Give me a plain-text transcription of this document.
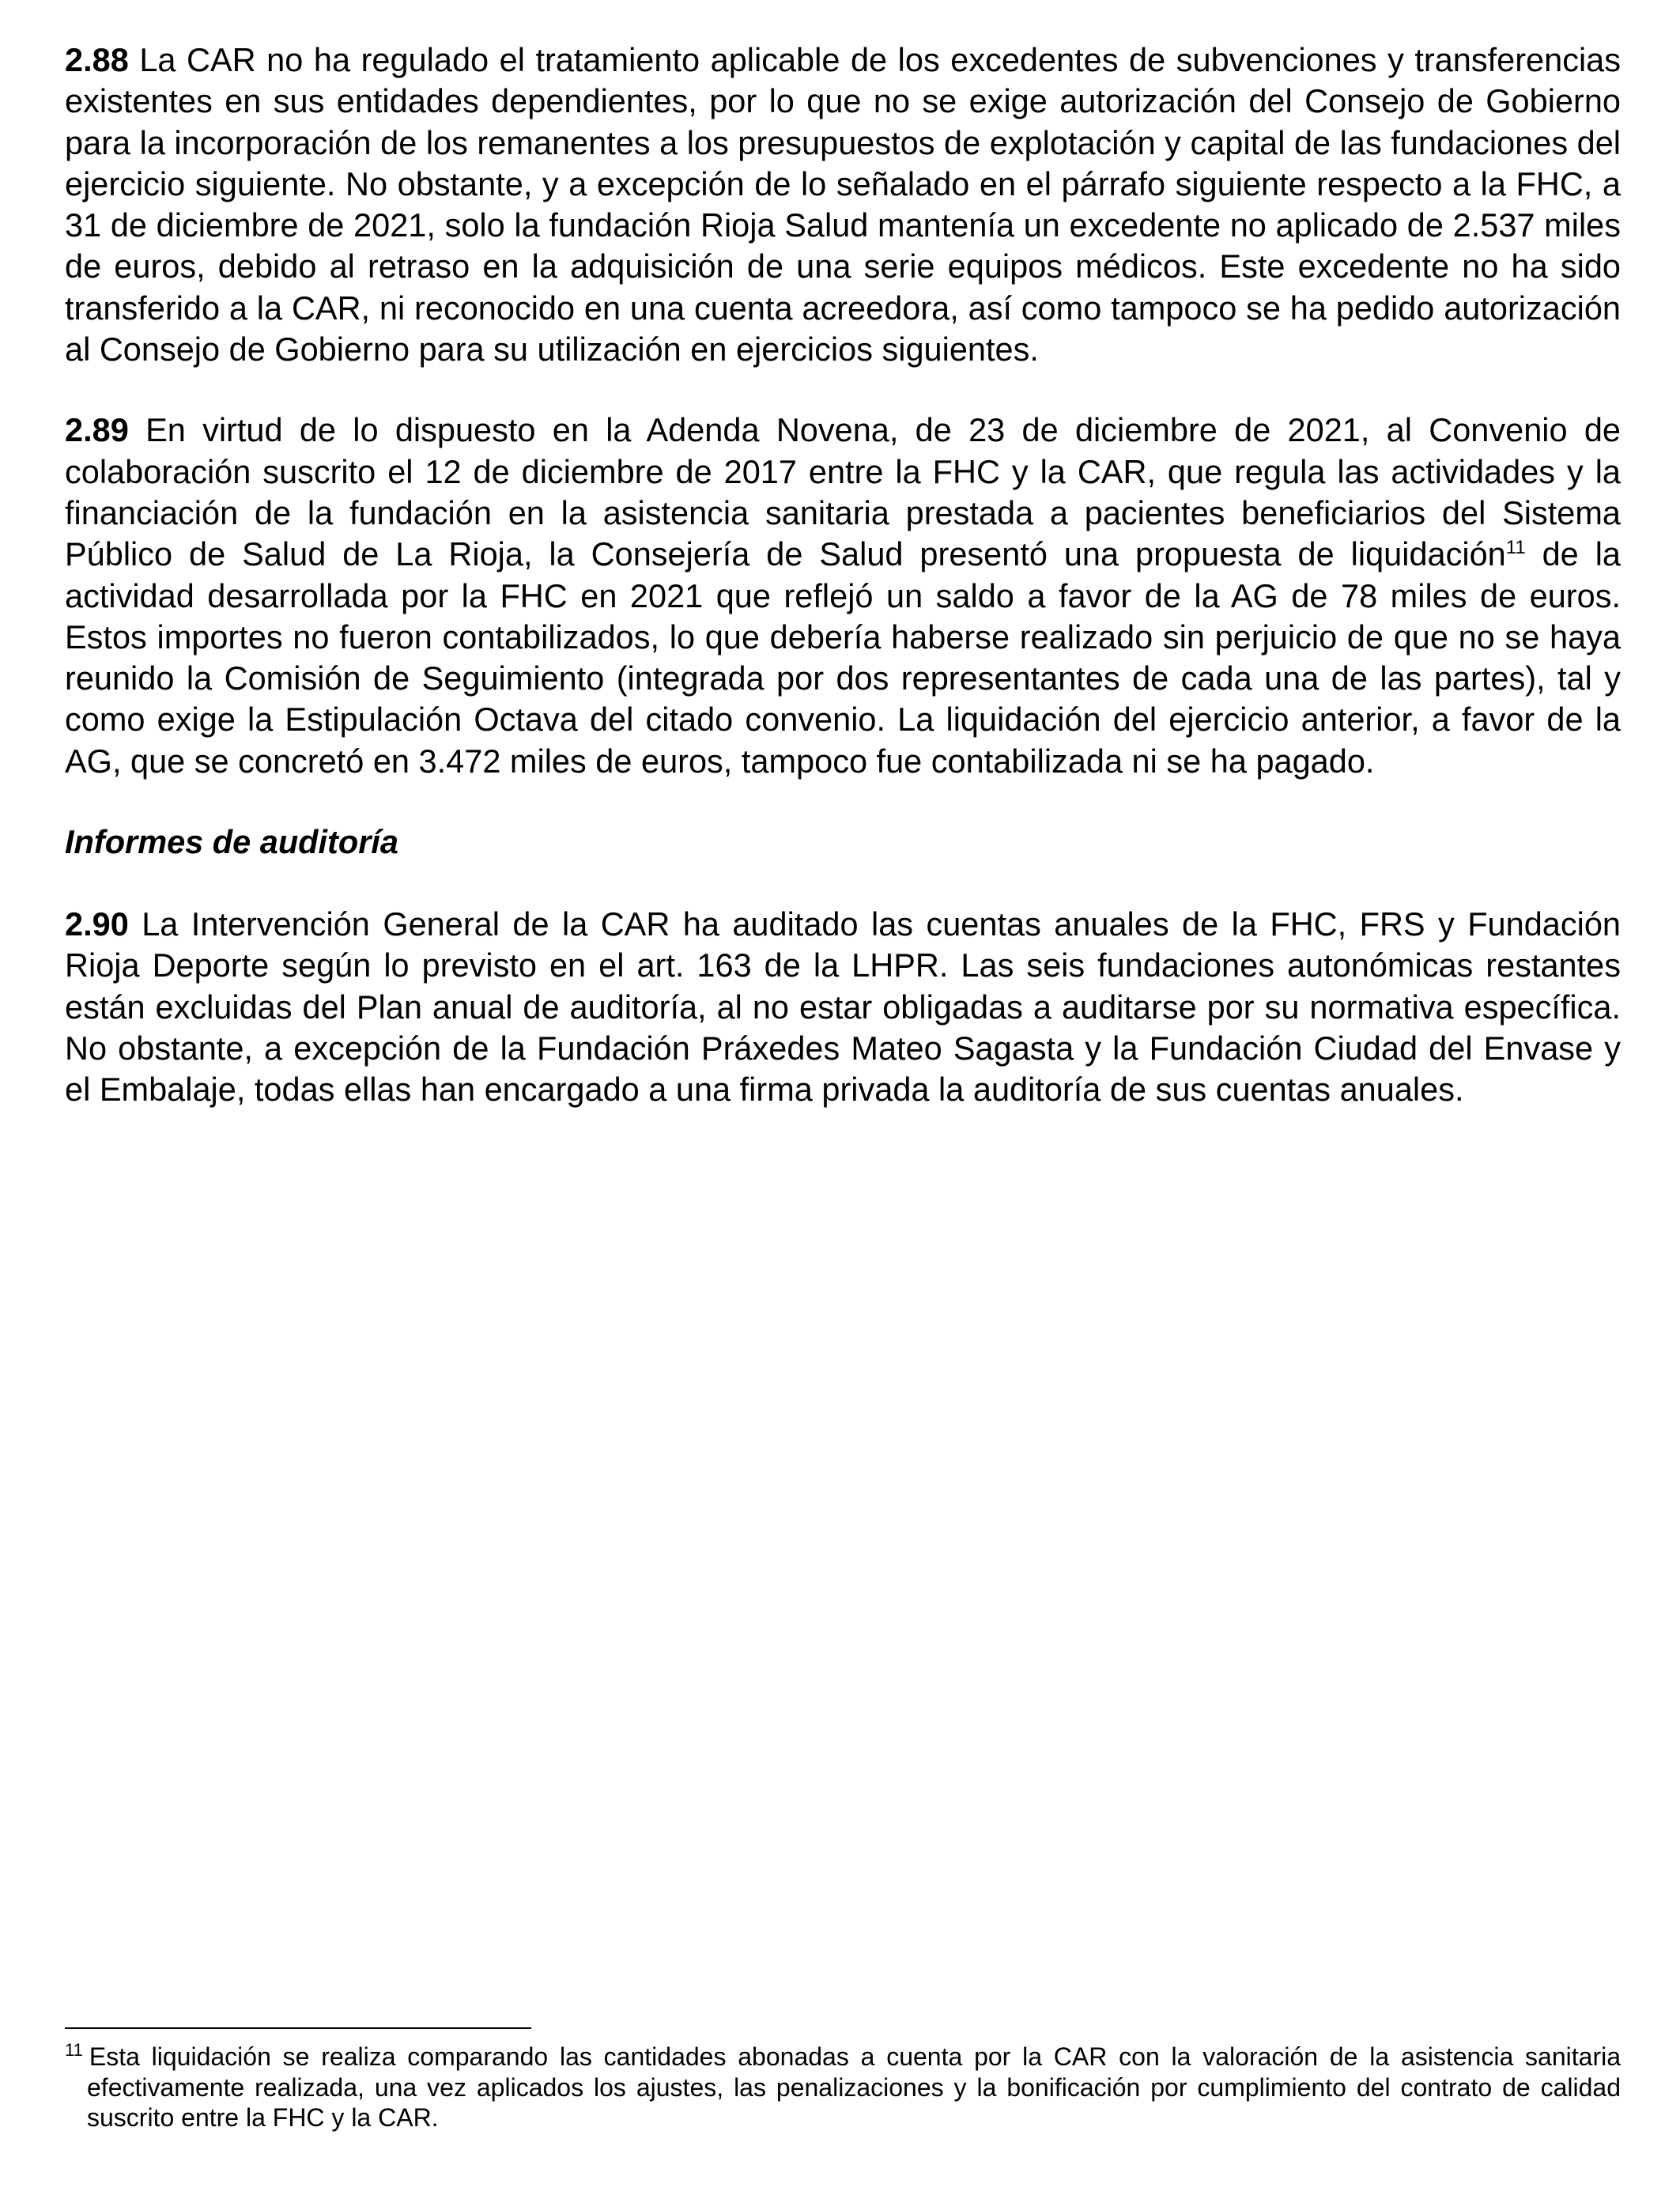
2.88 La CAR no ha regulado el tratamiento aplicable de los excedentes de subvenciones y transferencias existentes en sus entidades dependientes, por lo que no se exige autorización del Consejo de Gobierno para la incorporación de los remanentes a los presupuestos de explotación y capital de las fundaciones del ejercicio siguiente. No obstante, y a excepción de lo señalado en el párrafo siguiente respecto a la FHC, a 31 de diciembre de 2021, solo la fundación Rioja Salud mantenía un excedente no aplicado de 2.537 miles de euros, debido al retraso en la adquisición de una serie equipos médicos. Este excedente no ha sido transferido a la CAR, ni reconocido en una cuenta acreedora, así como tampoco se ha pedido autorización al Consejo de Gobierno para su utilización en ejercicios siguientes.

2.89 En virtud de lo dispuesto en la Adenda Novena, de 23 de diciembre de 2021, al Convenio de colaboración suscrito el 12 de diciembre de 2017 entre la FHC y la CAR, que regula las actividades y la financiación de la fundación en la asistencia sanitaria prestada a pacientes beneficiarios del Sistema Público de Salud de La Rioja, la Consejería de Salud presentó una propuesta de liquidación$^{11}$ de la actividad desarrollada por la FHC en 2021 que reflejó un saldo a favor de la AG de 78 miles de euros. Estos importes no fueron contabilizados, lo que debería haberse realizado sin perjuicio de que no se haya reunido la Comisión de Seguimiento (integrada por dos representantes de cada una de las partes), tal y como exige la Estipulación Octava del citado convenio. La liquidación del ejercicio anterior, a favor de la AG, que se concretó en 3.472 miles de euros, tampoco fue contabilizada ni se ha pagado.

Informes de auditoría

2.90 La Intervención General de la CAR ha auditado las cuentas anuales de la FHC, FRS y Fundación Rioja Deporte según lo previsto en el art. 163 de la LHPR. Las seis fundaciones autonómicas restantes están excluidas del Plan anual de auditoría, al no estar obligadas a auditarse por su normativa específica. No obstante, a excepción de la Fundación Práxedes Mateo Sagasta y la Fundación Ciudad del Envase y el Embalaje, todas ellas han encargado a una firma privada la auditoría de sus cuentas anuales.

$^{11}$ Esta liquidación se realiza comparando las cantidades abonadas a cuenta por la CAR con la valoración de la asistencia sanitaria efectivamente realizada, una vez aplicados los ajustes, las penalizaciones y la bonificación por cumplimiento del contrato de calidad suscrito entre la FHC y la CAR.
